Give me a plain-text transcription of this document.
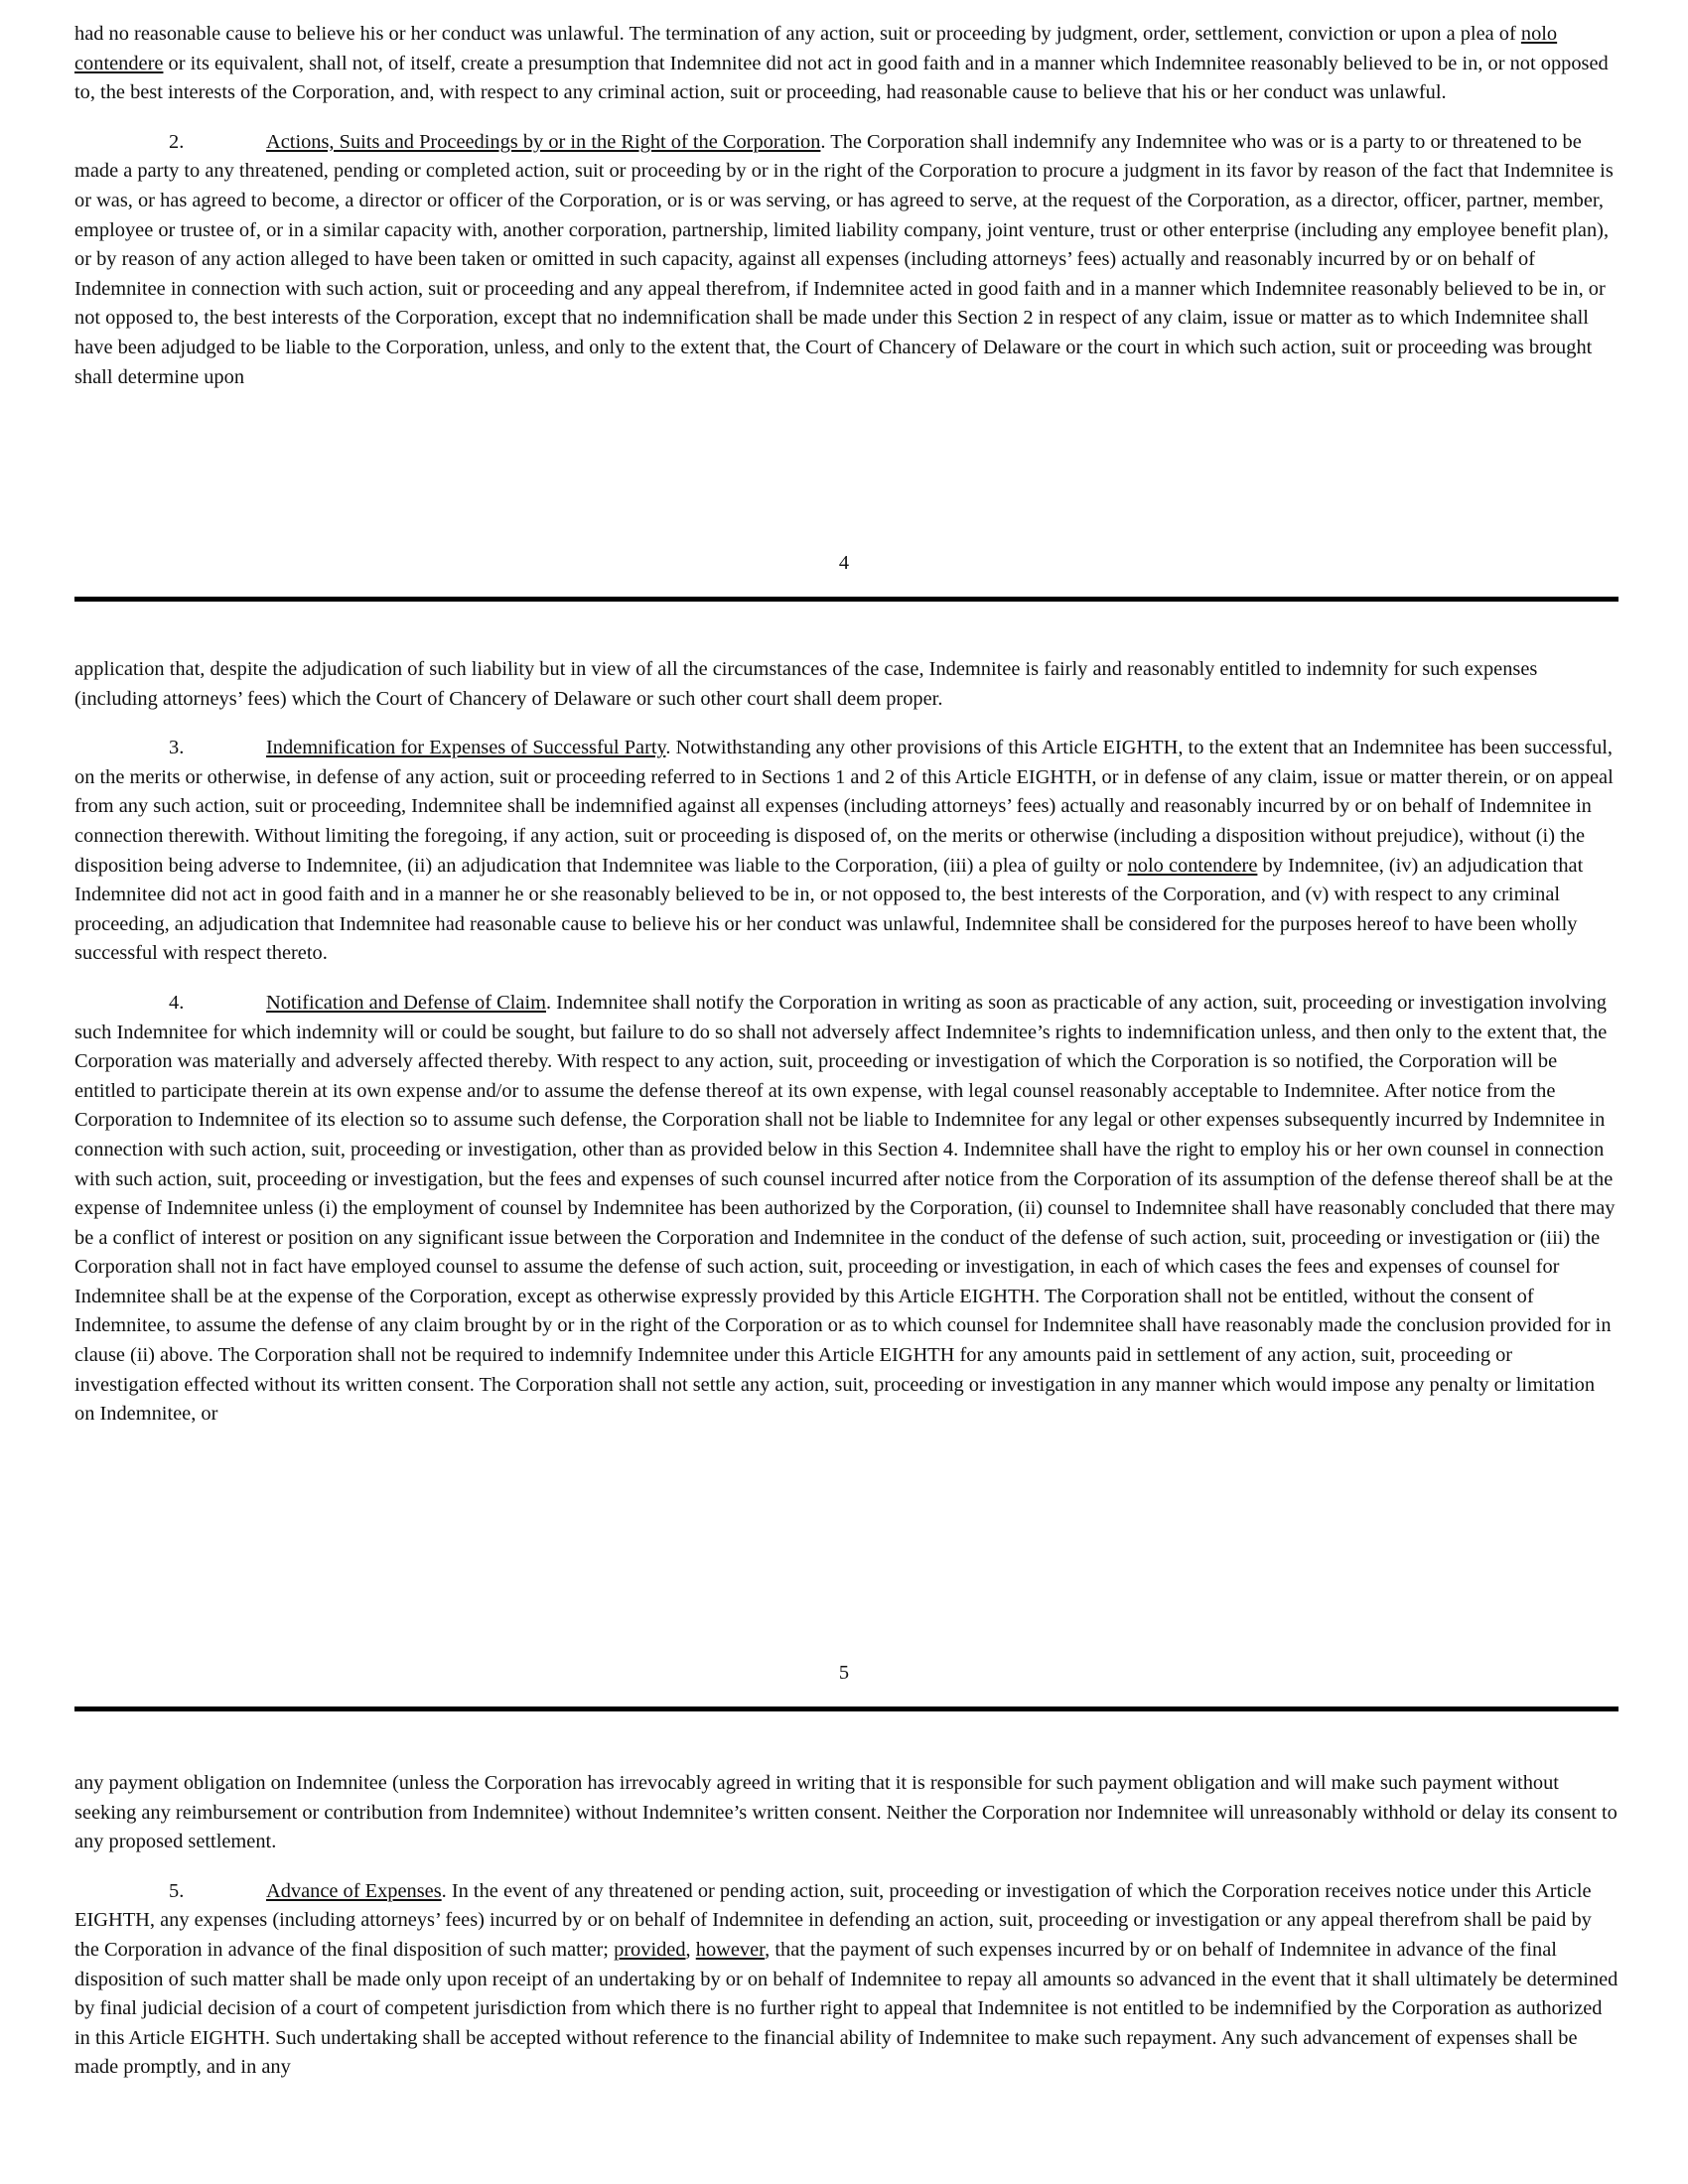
had no reasonable cause to believe his or her conduct was unlawful. The termination of any action, suit or proceeding by judgment, order, settlement, conviction or upon a plea of nolo contendere or its equivalent, shall not, of itself, create a presumption that Indemnitee did not act in good faith and in a manner which Indemnitee reasonably believed to be in, or not opposed to, the best interests of the Corporation, and, with respect to any criminal action, suit or proceeding, had reasonable cause to believe that his or her conduct was unlawful.

2.	Actions, Suits and Proceedings by or in the Right of the Corporation. The Corporation shall indemnify any Indemnitee who was or is a party to or threatened to be made a party to any threatened, pending or completed action, suit or proceeding by or in the right of the Corporation to procure a judgment in its favor by reason of the fact that Indemnitee is or was, or has agreed to become, a director or officer of the Corporation, or is or was serving, or has agreed to serve, at the request of the Corporation, as a director, officer, partner, member, employee or trustee of, or in a similar capacity with, another corporation, partnership, limited liability company, joint venture, trust or other enterprise (including any employee benefit plan), or by reason of any action alleged to have been taken or omitted in such capacity, against all expenses (including attorneys’ fees) actually and reasonably incurred by or on behalf of Indemnitee in connection with such action, suit or proceeding and any appeal therefrom, if Indemnitee acted in good faith and in a manner which Indemnitee reasonably believed to be in, or not opposed to, the best interests of the Corporation, except that no indemnification shall be made under this Section 2 in respect of any claim, issue or matter as to which Indemnitee shall have been adjudged to be liable to the Corporation, unless, and only to the extent that, the Court of Chancery of Delaware or the court in which such action, suit or proceeding was brought shall determine upon

4

application that, despite the adjudication of such liability but in view of all the circumstances of the case, Indemnitee is fairly and reasonably entitled to indemnity for such expenses (including attorneys’ fees) which the Court of Chancery of Delaware or such other court shall deem proper.

3.	Indemnification for Expenses of Successful Party. Notwithstanding any other provisions of this Article EIGHTH, to the extent that an Indemnitee has been successful, on the merits or otherwise, in defense of any action, suit or proceeding referred to in Sections 1 and 2 of this Article EIGHTH, or in defense of any claim, issue or matter therein, or on appeal from any such action, suit or proceeding, Indemnitee shall be indemnified against all expenses (including attorneys’ fees) actually and reasonably incurred by or on behalf of Indemnitee in connection therewith. Without limiting the foregoing, if any action, suit or proceeding is disposed of, on the merits or otherwise (including a disposition without prejudice), without (i) the disposition being adverse to Indemnitee, (ii) an adjudication that Indemnitee was liable to the Corporation, (iii) a plea of guilty or nolo contendere by Indemnitee, (iv) an adjudication that Indemnitee did not act in good faith and in a manner he or she reasonably believed to be in, or not opposed to, the best interests of the Corporation, and (v) with respect to any criminal proceeding, an adjudication that Indemnitee had reasonable cause to believe his or her conduct was unlawful, Indemnitee shall be considered for the purposes hereof to have been wholly successful with respect thereto.

4.	Notification and Defense of Claim. Indemnitee shall notify the Corporation in writing as soon as practicable of any action, suit, proceeding or investigation involving such Indemnitee for which indemnity will or could be sought, but failure to do so shall not adversely affect Indemnitee’s rights to indemnification unless, and then only to the extent that, the Corporation was materially and adversely affected thereby. With respect to any action, suit, proceeding or investigation of which the Corporation is so notified, the Corporation will be entitled to participate therein at its own expense and/or to assume the defense thereof at its own expense, with legal counsel reasonably acceptable to Indemnitee. After notice from the Corporation to Indemnitee of its election so to assume such defense, the Corporation shall not be liable to Indemnitee for any legal or other expenses subsequently incurred by Indemnitee in connection with such action, suit, proceeding or investigation, other than as provided below in this Section 4. Indemnitee shall have the right to employ his or her own counsel in connection with such action, suit, proceeding or investigation, but the fees and expenses of such counsel incurred after notice from the Corporation of its assumption of the defense thereof shall be at the expense of Indemnitee unless (i) the employment of counsel by Indemnitee has been authorized by the Corporation, (ii) counsel to Indemnitee shall have reasonably concluded that there may be a conflict of interest or position on any significant issue between the Corporation and Indemnitee in the conduct of the defense of such action, suit, proceeding or investigation or (iii) the Corporation shall not in fact have employed counsel to assume the defense of such action, suit, proceeding or investigation, in each of which cases the fees and expenses of counsel for Indemnitee shall be at the expense of the Corporation, except as otherwise expressly provided by this Article EIGHTH. The Corporation shall not be entitled, without the consent of Indemnitee, to assume the defense of any claim brought by or in the right of the Corporation or as to which counsel for Indemnitee shall have reasonably made the conclusion provided for in clause (ii) above. The Corporation shall not be required to indemnify Indemnitee under this Article EIGHTH for any amounts paid in settlement of any action, suit, proceeding or investigation effected without its written consent. The Corporation shall not settle any action, suit, proceeding or investigation in any manner which would impose any penalty or limitation on Indemnitee, or

5

any payment obligation on Indemnitee (unless the Corporation has irrevocably agreed in writing that it is responsible for such payment obligation and will make such payment without seeking any reimbursement or contribution from Indemnitee) without Indemnitee’s written consent. Neither the Corporation nor Indemnitee will unreasonably withhold or delay its consent to any proposed settlement.

5.	Advance of Expenses. In the event of any threatened or pending action, suit, proceeding or investigation of which the Corporation receives notice under this Article EIGHTH, any expenses (including attorneys’ fees) incurred by or on behalf of Indemnitee in defending an action, suit, proceeding or investigation or any appeal therefrom shall be paid by the Corporation in advance of the final disposition of such matter; provided, however, that the payment of such expenses incurred by or on behalf of Indemnitee in advance of the final disposition of such matter shall be made only upon receipt of an undertaking by or on behalf of Indemnitee to repay all amounts so advanced in the event that it shall ultimately be determined by final judicial decision of a court of competent jurisdiction from which there is no further right to appeal that Indemnitee is not entitled to be indemnified by the Corporation as authorized in this Article EIGHTH. Such undertaking shall be accepted without reference to the financial ability of Indemnitee to make such repayment. Any such advancement of expenses shall be made promptly, and in any
